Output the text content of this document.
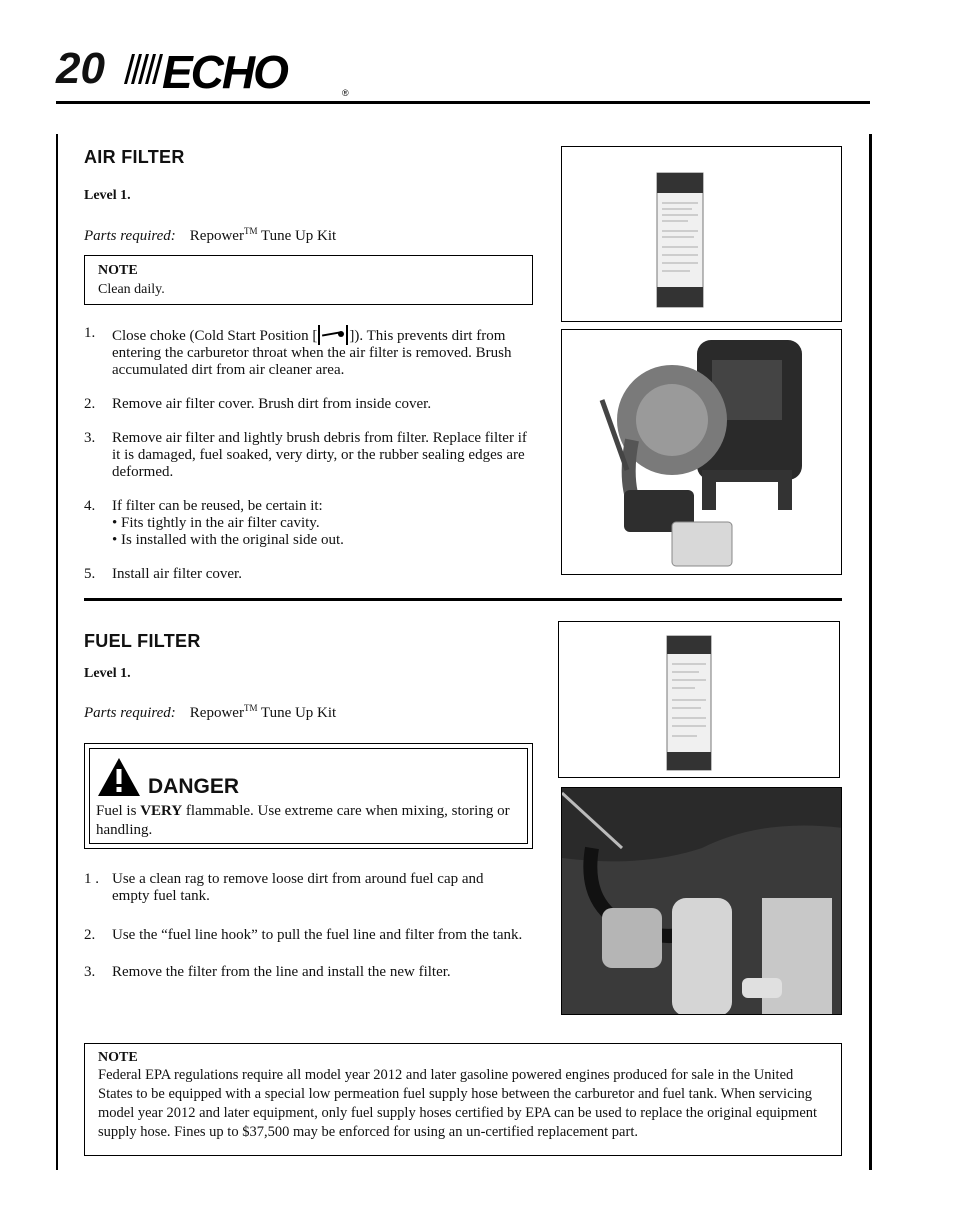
20 ECHO	®
AIR FILTER
Level 1.
Parts required: Repower™ Tune Up Kit
NOTE
Clean daily.
1. Close choke (Cold Start Position [ ]). This prevents dirt from entering the carburetor throat when the air filter is removed. Brush accumulated dirt from air cleaner area.
2. Remove air filter cover. Brush dirt from inside cover.
3. Remove air filter and lightly brush debris from filter. Replace filter if it is damaged, fuel soaked, very dirty, or the rubber sealing edges are deformed.
4. If filter can be reused, be certain it:
• Fits tightly in the air filter cavity.
• Is installed with the original side out.
5. Install air filter cover.
FUEL FILTER
Level 1.
Parts required: Repower™ Tune Up Kit
DANGER
Fuel is VERY flammable. Use extreme care when mixing, storing or handling.
1 . Use a clean rag to remove loose dirt from around fuel cap and empty fuel tank.
2. Use the “fuel line hook” to pull the fuel line and filter from the tank.
3. Remove the filter from the line and install the new filter.
NOTE
Federal EPA regulations require all model year 2012 and later gasoline powered engines produced for sale in the United States to be equipped with a special low permeation fuel supply hose between the carburetor and fuel tank. When servicing model year 2012 and later equipment, only fuel supply hoses certified by EPA can be used to replace the original equipment supply hose. Fines up to $37,500 may be enforced for using an un-certified replacement part.
